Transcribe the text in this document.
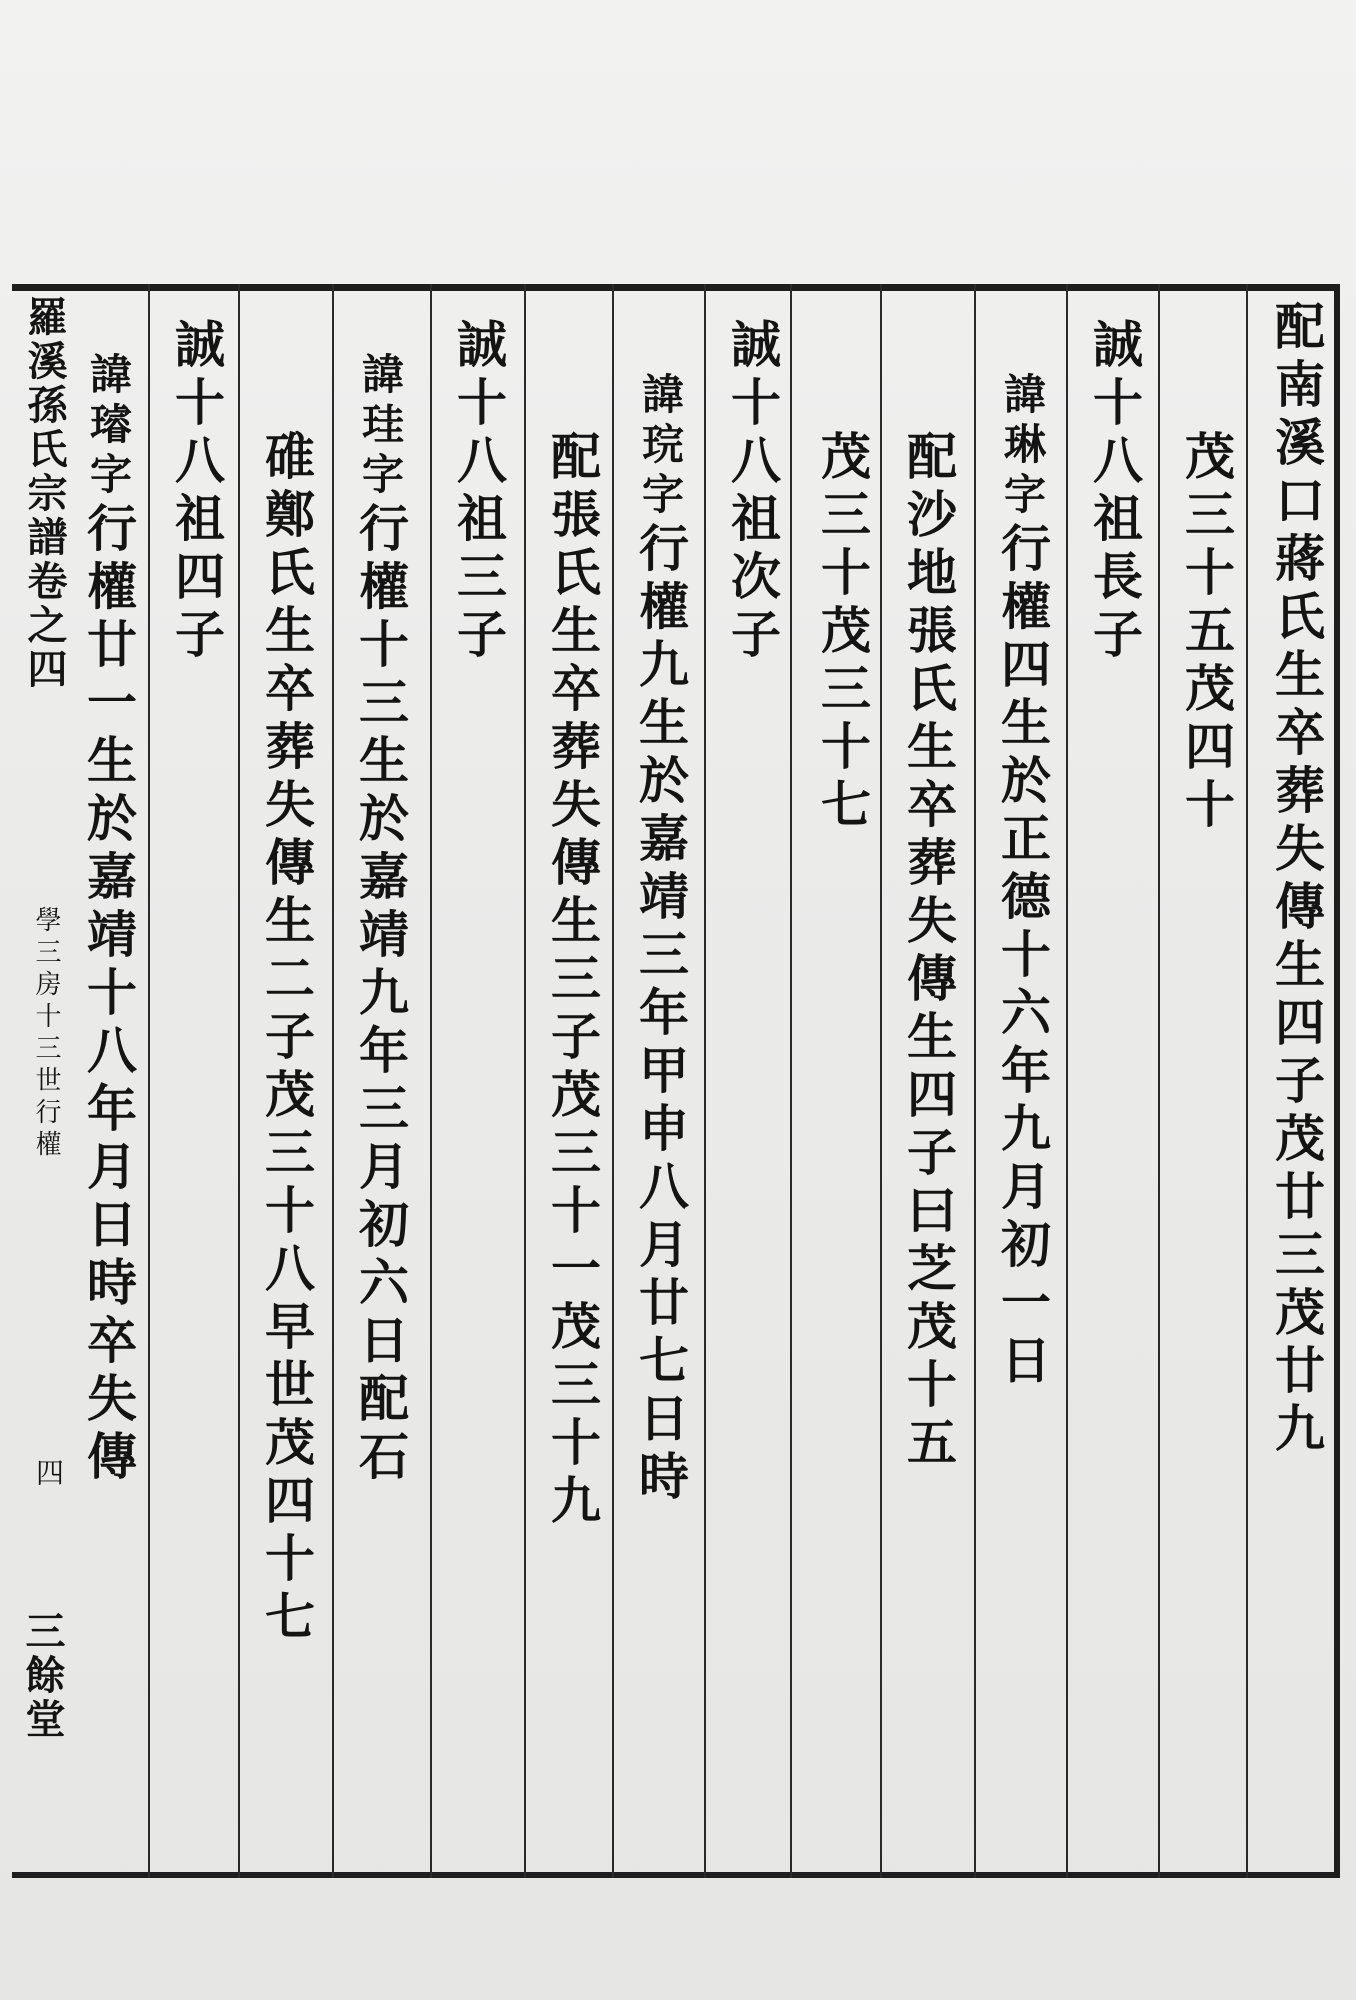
羅溪孫氏宗譜卷之四
學三房十三世行權
四
三餘堂
配南溪口蔣氏生卒葬失傳生四子茂廿三茂廿九
茂三十五茂四十
誠十八祖長子
諱琳字行權四生於正德十六年九月初一日
配沙地張氏生卒葬失傳生四子曰芝茂十五
茂三十茂三十七
誠十八祖次子
諱琓字行權九生於嘉靖三年甲申八月廿七日時
配張氏生卒葬失傳生三子茂三十一茂三十九
誠十八祖三子
諱珪字行權十三生於嘉靖九年三月初六日配石
碓鄭氏生卒葬失傳生二子茂三十八早世茂四十七
誠十八祖四子
諱璿字行權廿一生於嘉靖十八年月日時卒失傳
